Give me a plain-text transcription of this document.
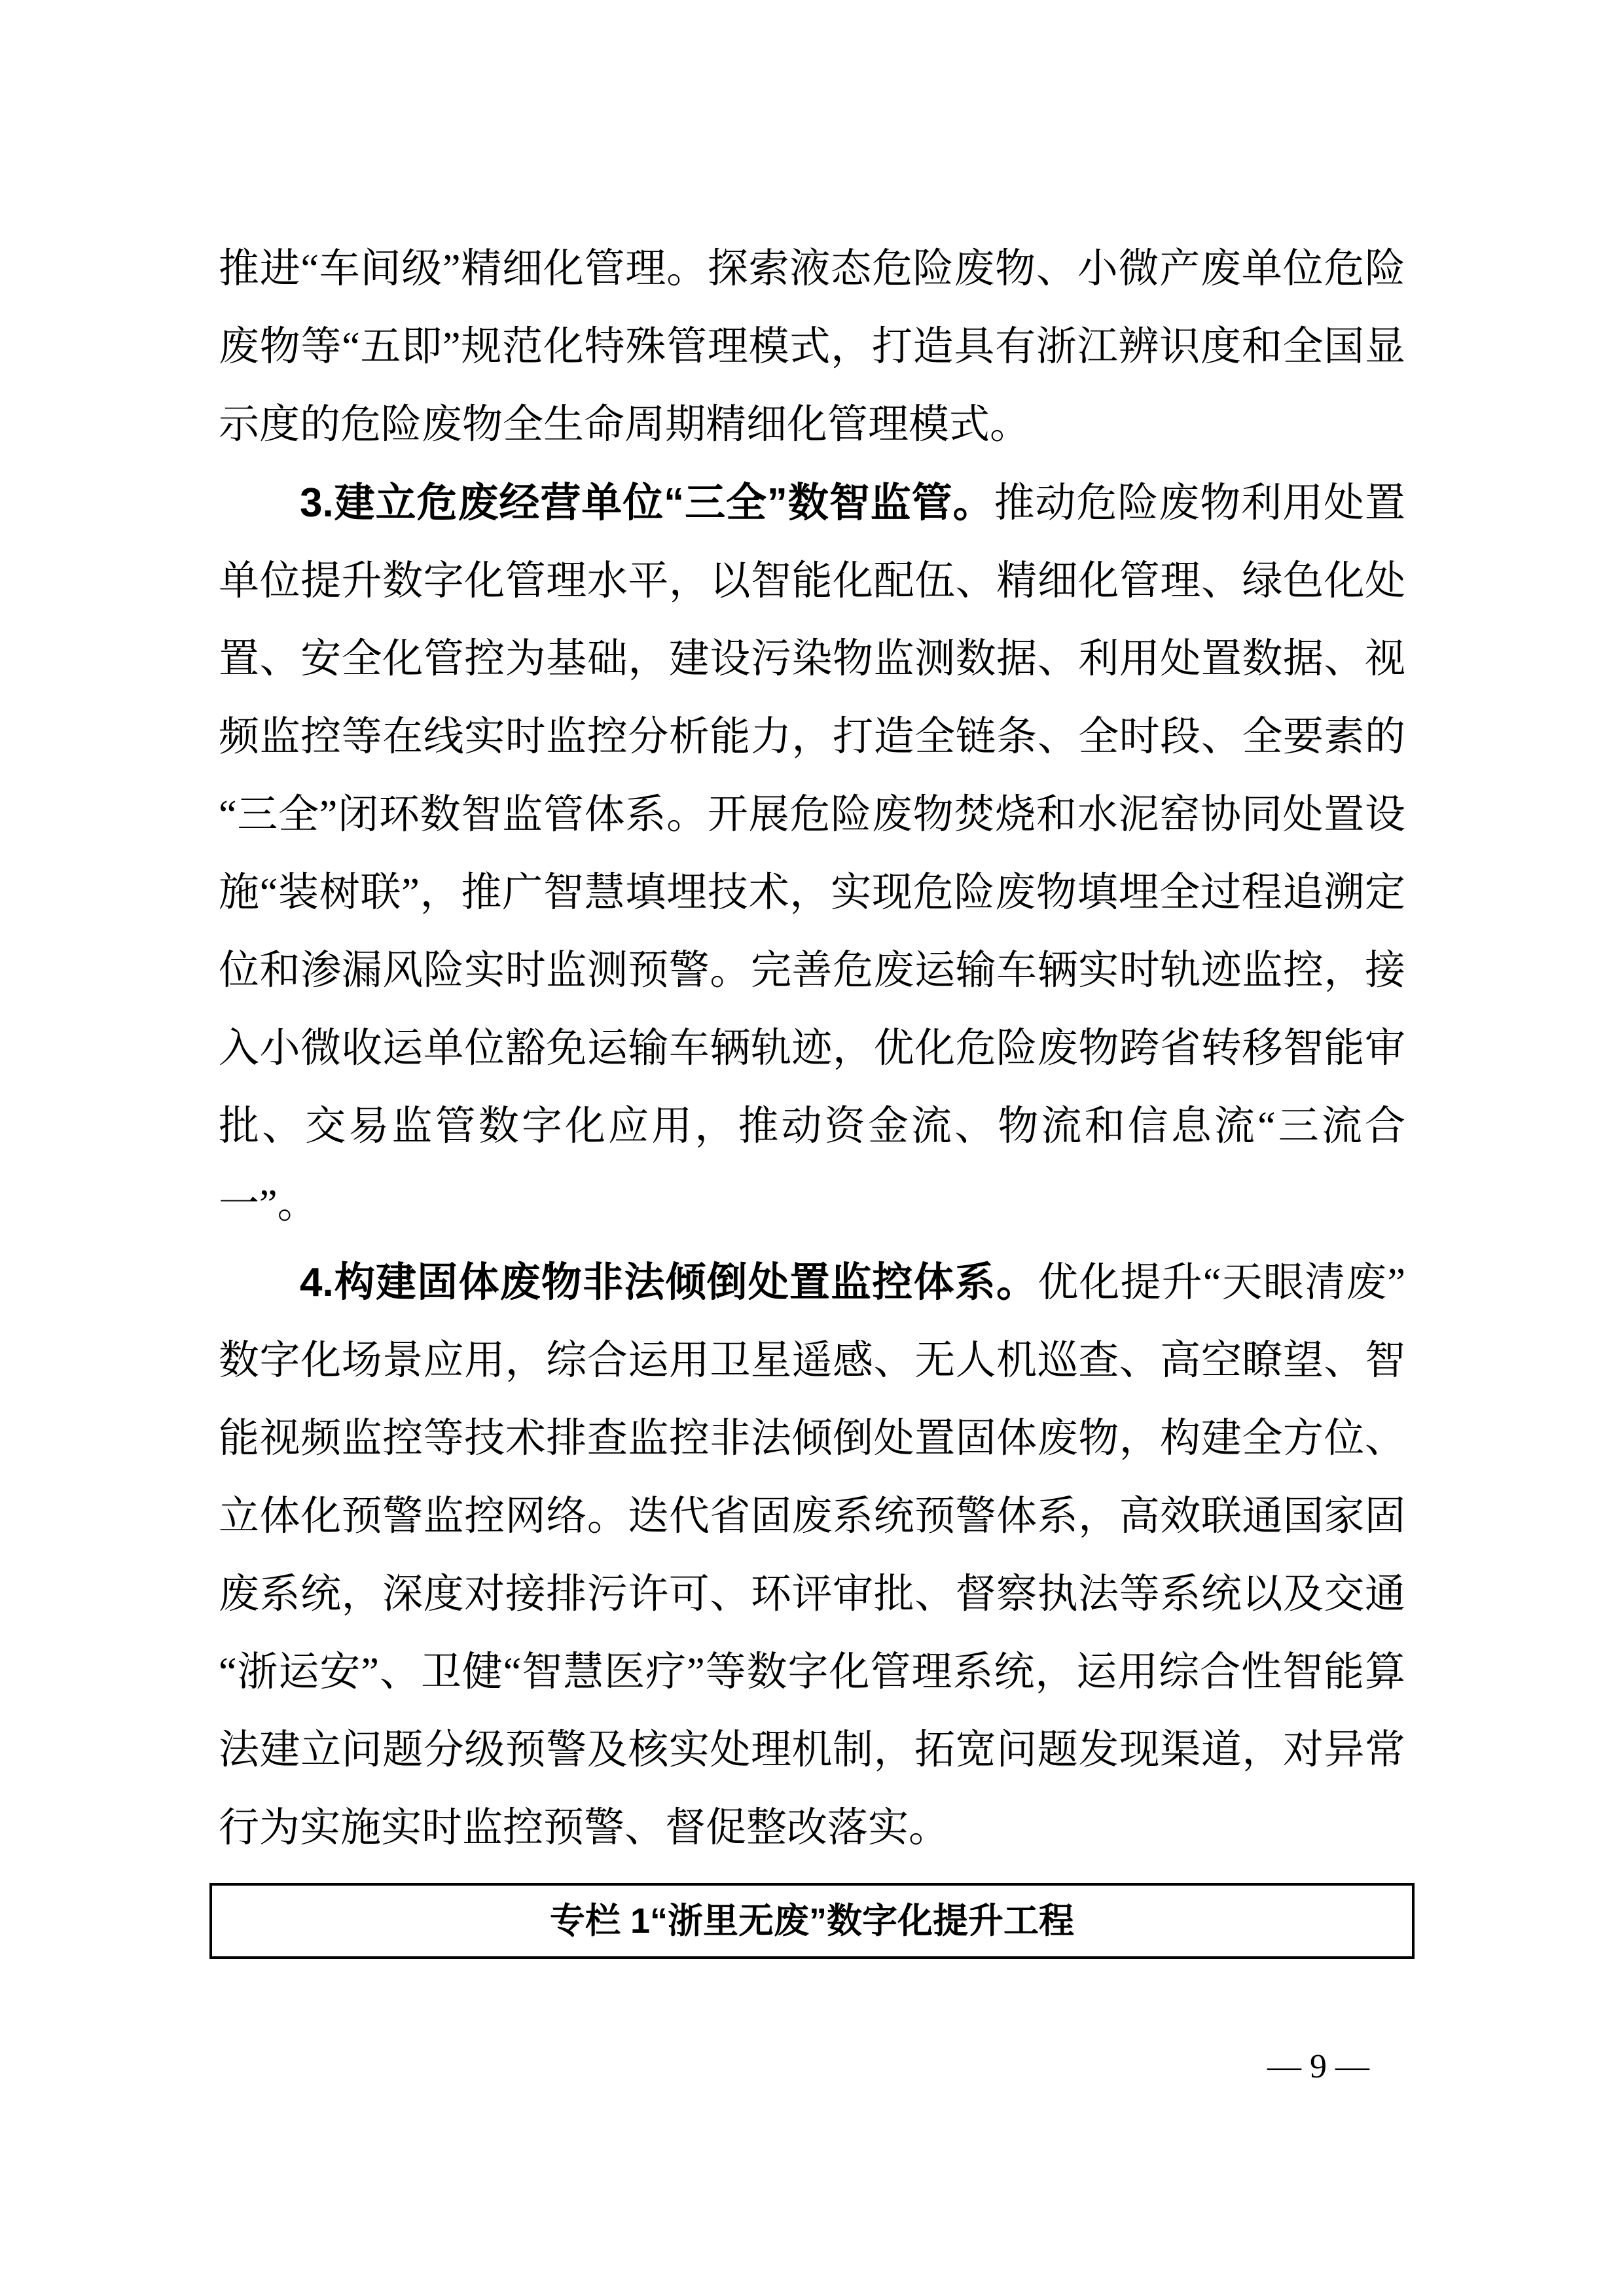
推进“车间级”精细化管理。探索液态危险废物、小微产废单位危险废物等“五即”规范化特殊管理模式，打造具有浙江辨识度和全国显示度的危险废物全生命周期精细化管理模式。

3.建立危废经营单位“三全”数智监管。推动危险废物利用处置单位提升数字化管理水平，以智能化配伍、精细化管理、绿色化处置、安全化管控为基础，建设污染物监测数据、利用处置数据、视频监控等在线实时监控分析能力，打造全链条、全时段、全要素的“三全”闭环数智监管体系。开展危险废物焚烧和水泥窑协同处置设施“装树联”，推广智慧填埋技术，实现危险废物填埋全过程追溯定位和渗漏风险实时监测预警。完善危废运输车辆实时轨迹监控，接入小微收运单位豁免运输车辆轨迹，优化危险废物跨省转移智能审批、交易监管数字化应用，推动资金流、物流和信息流“三流合一”。

4.构建固体废物非法倾倒处置监控体系。优化提升“天眼清废”数字化场景应用，综合运用卫星遥感、无人机巡查、高空瞭望、智能视频监控等技术排查监控非法倾倒处置固体废物，构建全方位、立体化预警监控网络。迭代省固废系统预警体系，高效联通国家固废系统，深度对接排污许可、环评审批、督察执法等系统以及交通“浙运安”、卫健“智慧医疗”等数字化管理系统，运用综合性智能算法建立问题分级预警及核实处理机制，拓宽问题发现渠道，对异常行为实施实时监控预警、督促整改落实。

专栏 1“浙里无废”数字化提升工程
— 9 —
